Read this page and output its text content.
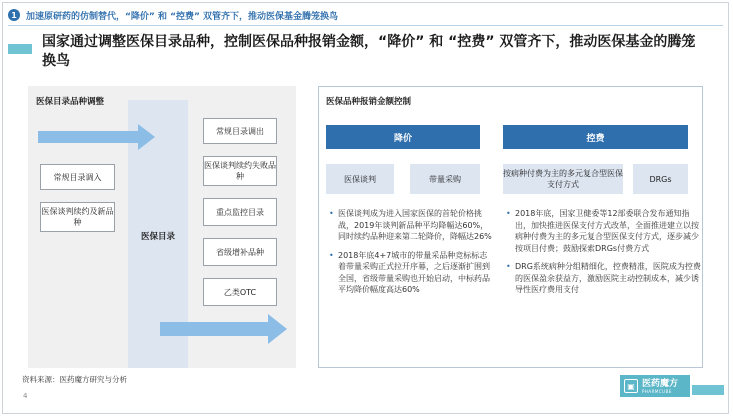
1	加速原研药的仿制替代，“降价” 和 “控费” 双管齐下，推动医保基金腾笼换鸟
国家通过调整医保目录品种，控制医保品种报销金额，“降价” 和 “控费” 双管齐下，推动医保基金的腾笼换鸟
医保目录品种调整
医保目录
常规目录调入
医保谈判续约及新品种
常规目录调出
医保谈判续约失败品种
重点监控目录
省级增补品种
乙类OTC
医保品种报销金额控制
降价	控费
医保谈判	带量采购
按病种付费为主的多元复合型医保支付方式
DRGs
• 医保谈判成为进入国家医保的首轮价格挑战，2019年谈判新品种平均降幅达60%，同时续约品种迎来第二轮降价，降幅达26%
• 2018年底4+7城市的带量采品种竞标标志着带量采购正式拉开序幕，之后逐渐扩围到全国，省级带量采购也开始启动，中标药品平均降价幅度高达60%
• 2018年底，国家卫健委等12部委联合发布通知指出，加快推进医保支付方式改革，全面推进建立以按病种付费为主的多元复合型医保支付方式，逐步减少按项目付费；鼓励探索DRGs付费方式
• DRG系统病种分组精细化，控费精准，医院成为控费的医保盈余获益方，激励医院主动控制成本，减少诱导性医疗费用支付
资料来源：医药魔方研究与分析
4
▣ 医药魔方
PHARMCUBE
